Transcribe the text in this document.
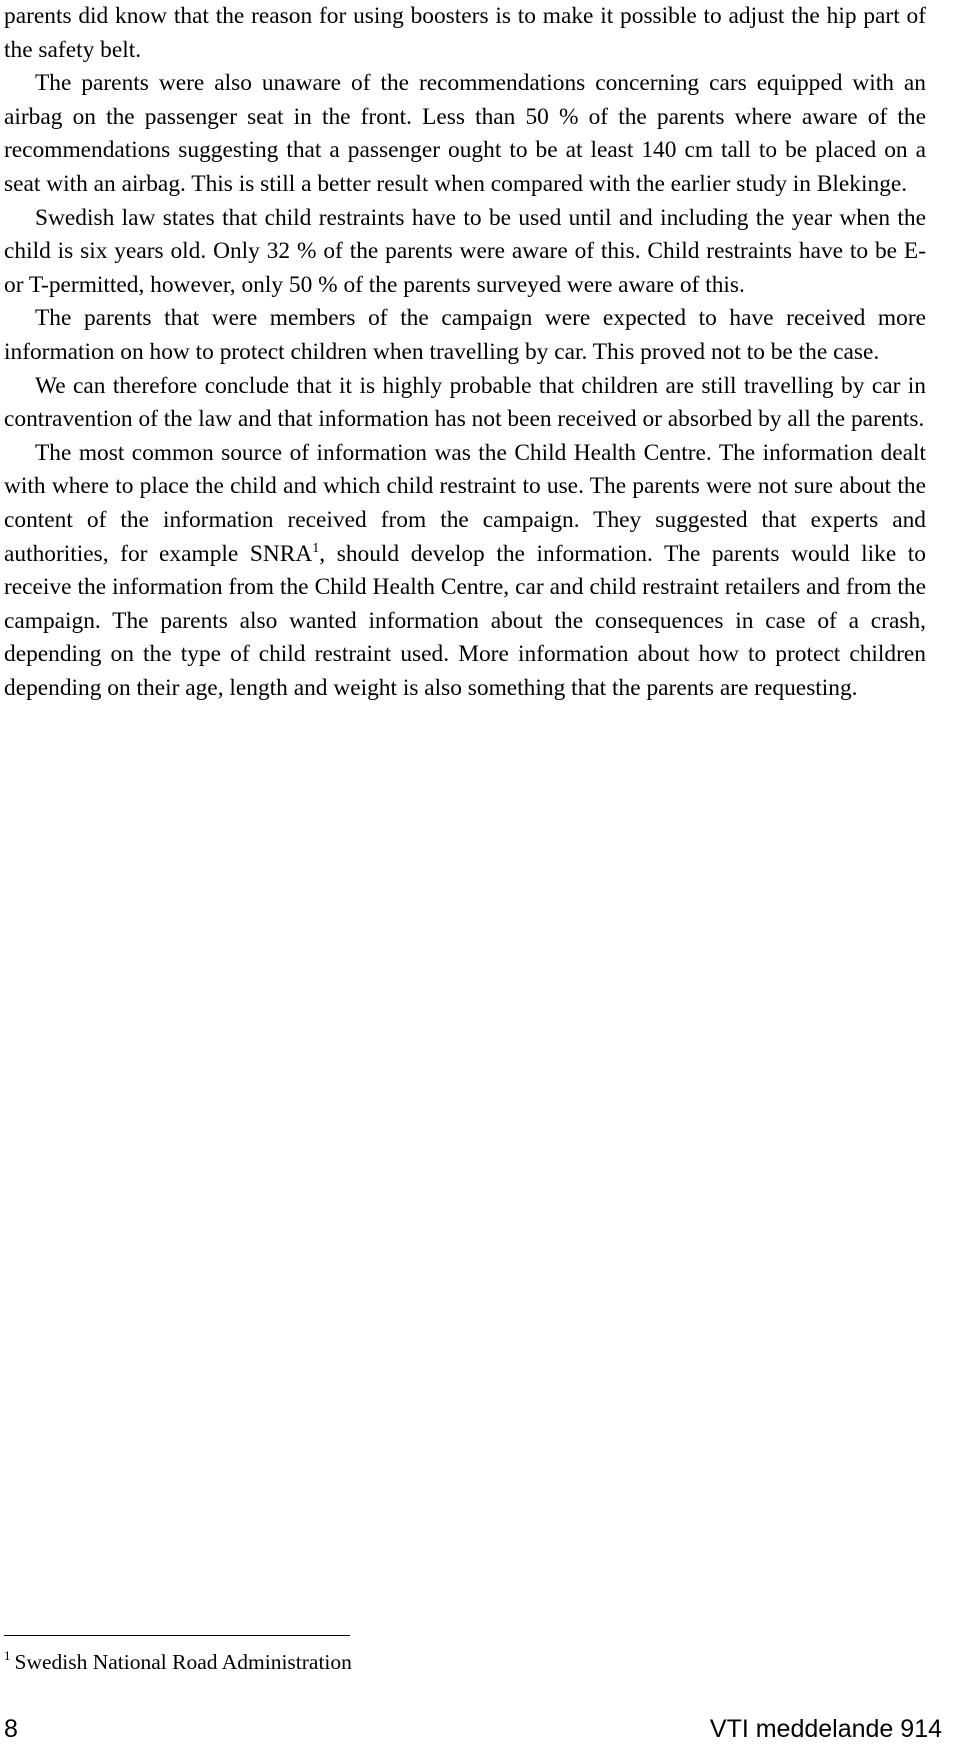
parents did know that the reason for using boosters is to make it possible to adjust the hip part of the safety belt.

The parents were also unaware of the recommendations concerning cars equipped with an airbag on the passenger seat in the front. Less than 50 % of the parents where aware of the recommendations suggesting that a passenger ought to be at least 140 cm tall to be placed on a seat with an airbag. This is still a better result when compared with the earlier study in Blekinge.

Swedish law states that child restraints have to be used until and including the year when the child is six years old. Only 32 % of the parents were aware of this. Child restraints have to be E- or T-permitted, however, only 50 % of the parents surveyed were aware of this.

The parents that were members of the campaign were expected to have received more information on how to protect children when travelling by car. This proved not to be the case.

We can therefore conclude that it is highly probable that children are still travelling by car in contravention of the law and that information has not been received or absorbed by all the parents.

The most common source of information was the Child Health Centre. The information dealt with where to place the child and which child restraint to use. The parents were not sure about the content of the information received from the campaign. They suggested that experts and authorities, for example SNRA$^1$, should develop the information. The parents would like to receive the information from the Child Health Centre, car and child restraint retailers and from the campaign. The parents also wanted information about the consequences in case of a crash, depending on the type of child restraint used. More information about how to protect children depending on their age, length and weight is also something that the parents are requesting.

$^1$ Swedish National Road Administration
8	VTI meddelande 914
